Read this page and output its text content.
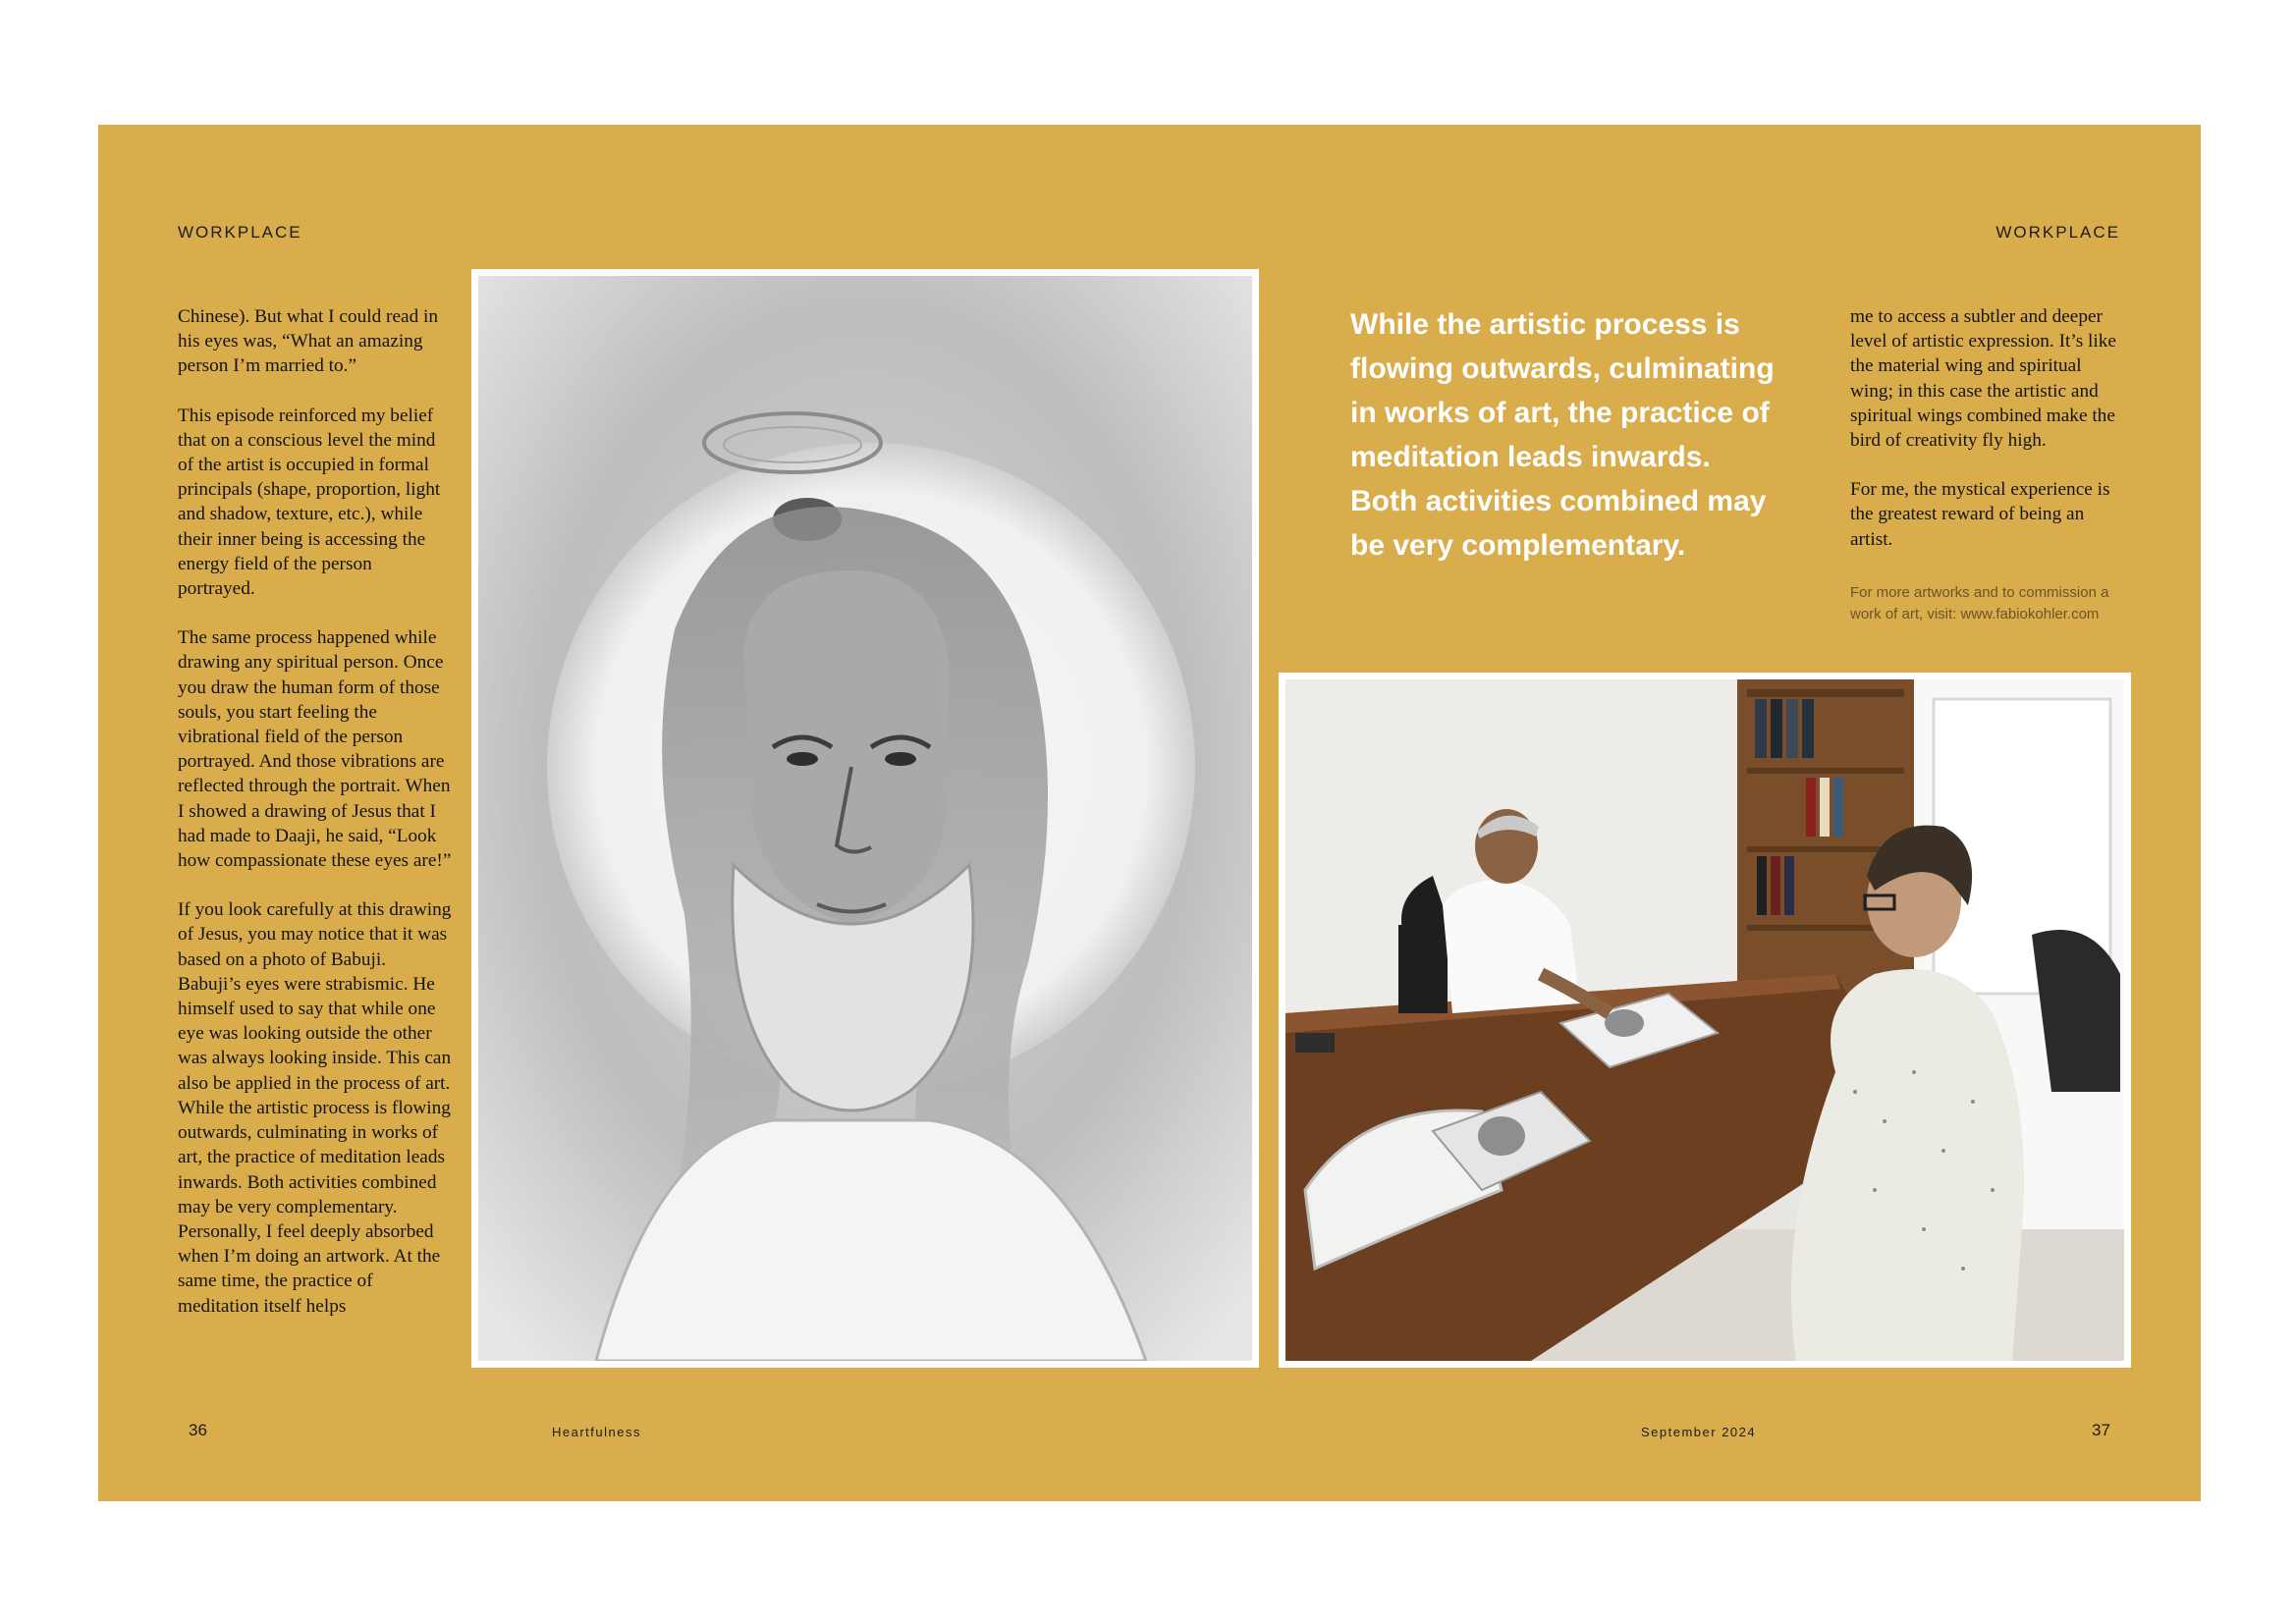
WORKPLACE	WORKPLACE

Chinese). But what I could read in his eyes was, “What an amazing person I’m married to.”

This episode reinforced my belief that on a conscious level the mind of the artist is occupied in formal principals (shape, proportion, light and shadow, texture, etc.), while their inner being is accessing the energy field of the person portrayed.

The same process happened while drawing any spiritual person. Once you draw the human form of those souls, you start feeling the vibrational field of the person portrayed. And those vibrations are reflected through the portrait. When I showed a drawing of Jesus that I had made to Daaji, he said, “Look how compassionate these eyes are!”

If you look carefully at this drawing of Jesus, you may notice that it was based on a photo of Babuji. Babuji’s eyes were strabismic. He himself used to say that while one eye was looking outside the other was always looking inside. This can also be applied in the process of art. While the artistic process is flowing outwards, culminating in works of art, the practice of meditation leads inwards. Both activities combined may be very complementary. Personally, I feel deeply absorbed when I’m doing an artwork. At the same time, the practice of meditation itself helps

While the artistic process is flowing outwards, culminating in works of art, the practice of meditation leads inwards. Both activities combined may be very complementary.

me to access a subtler and deeper level of artistic expression. It’s like the material wing and spiritual wing; in this case the artistic and spiritual wings combined make the bird of creativity fly high.

For me, the mystical experience is the greatest reward of being an artist.

For more artworks and to commission a work of art, visit: www.fabiokohler.com
36	Heartfulness	September 2024	37
